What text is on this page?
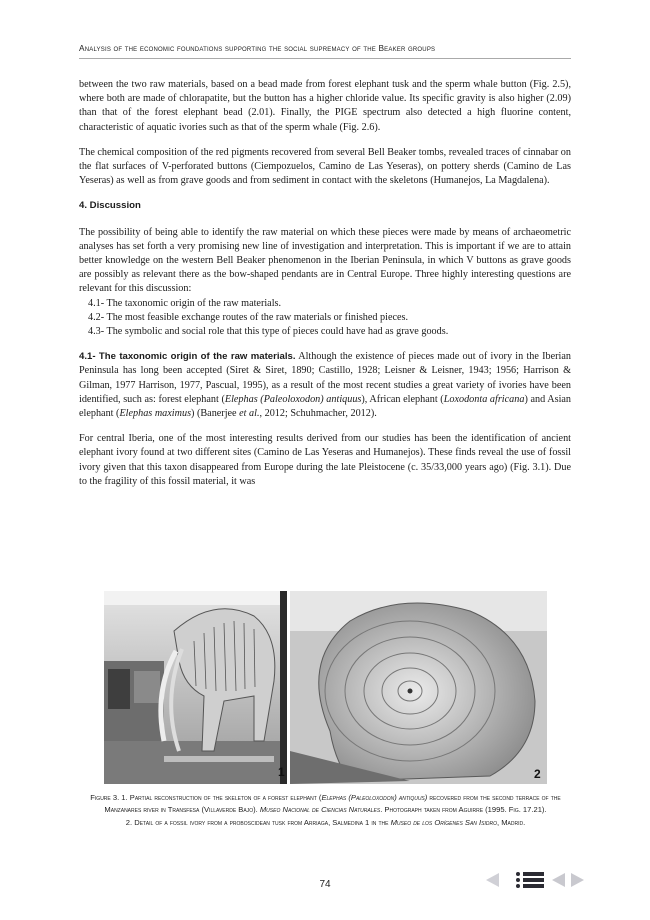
Analysis of the economic foundations supporting the social supremacy of the Beaker groups

between the two raw materials, based on a bead made from forest elephant tusk and the sperm whale button (Fig. 2.5), where both are made of chlorapatite, but the button has a higher chloride value. Its specific gravity is also higher (2.09) than that of the forest elephant bead (2.01). Finally, the PIGE spectrum also detected a high fluorine content, characteristic of aquatic ivories such as that of the sperm whale (Fig. 2.6).

The chemical composition of the red pigments recovered from several Bell Beaker tombs, revealed traces of cinnabar on the flat surfaces of V-perforated buttons (Ciempozuelos, Camino de Las Yeseras), on pottery sherds (Camino de Las Yeseras) as well as from grave goods and from sediment in contact with the skeletons (Humanejos, La Magdalena).

4. Discussion

The possibility of being able to identify the raw material on which these pieces were made by means of archaeometric analyses has set forth a very promising new line of investigation and interpretation. This is important if we are to attain better knowledge on the western Bell Beaker phenomenon in the Iberian Peninsula, in which V buttons as grave goods are possibly as relevant there as the bow-shaped pendants are in Central Europe. Three highly interesting questions are relevant for this discussion:

4.1- The taxonomic origin of the raw materials.
4.2- The most feasible exchange routes of the raw materials or finished pieces.
4.3- The symbolic and social role that this type of pieces could have had as grave goods.

4.1- The taxonomic origin of the raw materials. Although the existence of pieces made out of ivory in the Iberian Peninsula has long been accepted (Siret & Siret, 1890; Castillo, 1928; Leisner & Leisner, 1943; 1956; Harrison & Gilman, 1977 Harrison, 1977, Pascual, 1995), as a result of the most recent studies a great variety of ivories have been identified, such as: forest elephant (Elephas (Paleoloxodon) antiquus), African elephant (Loxodonta africana) and Asian elephant (Elephas maximus) (Banerjee et al., 2012; Schuhmacher, 2012).

For central Iberia, one of the most interesting results derived from our studies has been the identification of ancient elephant ivory found at two different sites (Camino de Las Yeseras and Humanejos). These finds reveal the use of fossil ivory given that this taxon disappeared from Europe during the late Pleistocene (c. 35/33,000 years ago) (Fig. 3.1). Due to the fragility of this fossil material, it was

1	2
Figure 3. 1. Partial reconstruction of the skeleton of a forest elephant (Elephas (Paleoloxodon) antiquus) recovered from the second terrace of the Manzanares river in Transfesa (Villaverde Bajo). Museo Nacional de Ciencias Naturales. Photograph taken from Aguirre (1995. Fig. 17.21).
2. Detail of a fossil ivory from a proboscidean tusk from Arriaga, Salmedina 1 in the Museo de los Orígenes San Isidro, Madrid.
74
